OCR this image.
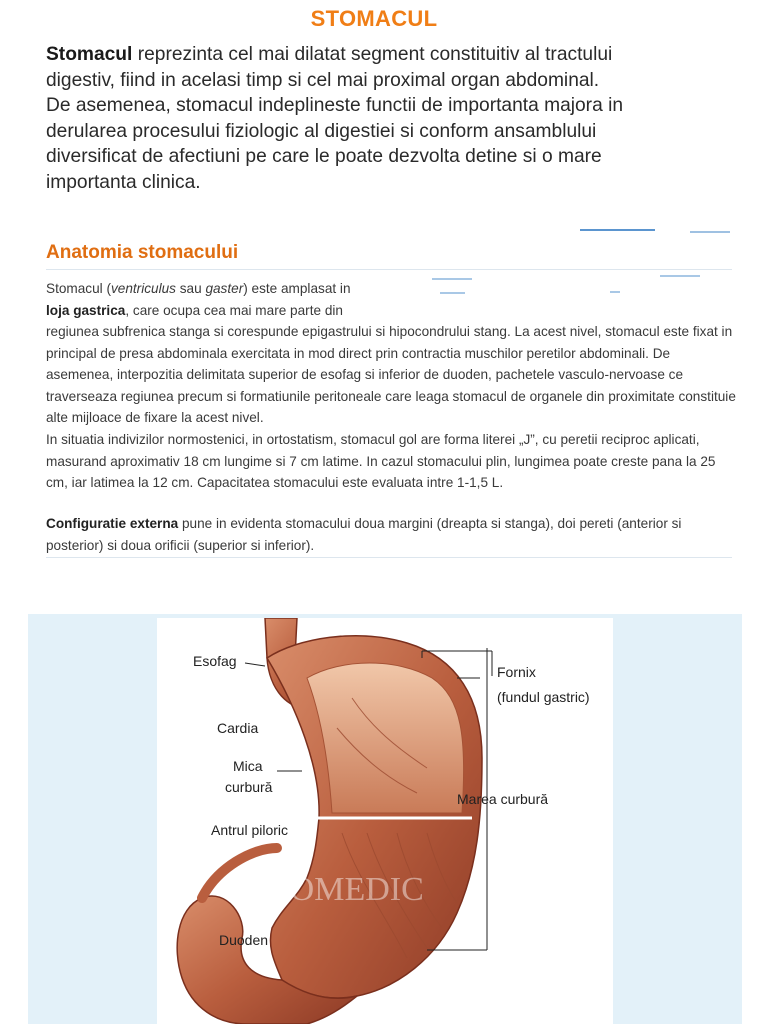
STOMACUL
Stomacul reprezinta cel mai dilatat segment constituitiv al tractului digestiv, fiind in acelasi timp si cel mai proximal organ abdominal. De asemenea, stomacul indeplineste functii de importanta majora in derularea procesului fiziologic al digestiei si conform ansamblului diversificat de afectiuni pe care le poate dezvolta detine si o mare importanta clinica.
Anatomia stomacului
Stomacul (ventriculus sau gaster) este amplasat in
loja gastrica, care ocupa cea mai mare parte din
regiunea subfrenica stanga si corespunde epigastrului si hipocondrului stang. La acest nivel, stomacul este fixat in principal de presa abdominala exercitata in mod direct prin contractia muschilor peretilor abdominali. De asemenea, interpozitia delimitata superior de esofag si inferior de duoden, pachetele vasculo-nervoase ce traverseaza regiunea precum si formatiunile peritoneale care leaga stomacul de organele din proximitate constituie alte mijloace de fixare la acest nivel.
In situatia indivizilor normostenici, in ortostatism, stomacul gol are forma literei „J”, cu peretii reciproc aplicati, masurand aproximativ 18 cm lungime si 7 cm latime. In cazul stomacului plin, lungimea poate creste pana la 25 cm, iar latimea la 12 cm. Capacitatea stomacului este evaluata intre 1-1,5 L.
Configuratie externa pune in evidenta stomacului doua margini (dreapta si stanga), doi pereti (anterior si posterior) si doua orificii (superior si inferior).
ROMEDIC
Esofag
Cardia
Mica
curbură
Antrul piloric
Duoden
Fornix
(fundul gastric)
Marea curbură
